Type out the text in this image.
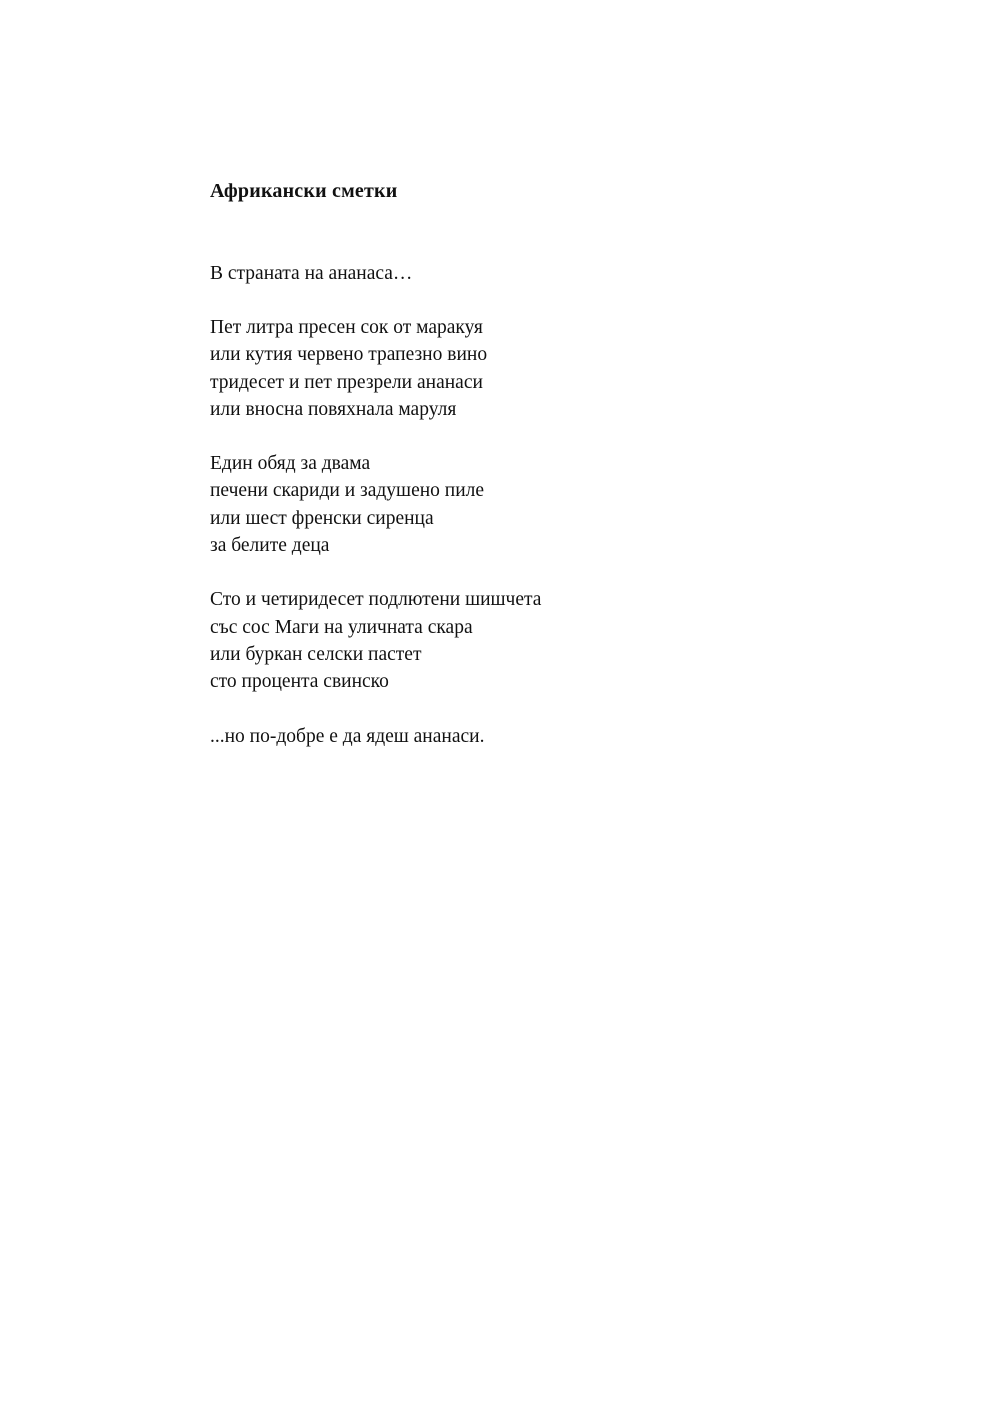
Африкански сметки
В страната на ананаса…
Пет литра пресен сок от маракуя
или кутия червено трапезно вино
тридесет и пет презрели ананаси
или вносна повяхнала маруля
Един обяд за двама
печени скариди и задушено пиле
или шест френски сиренца
за белите деца
Сто и четиридесет подлютени шишчета
със сос Маги на уличната скара
или буркан селски пастет
сто процента свинско
...но по-добре е да ядеш ананаси.
